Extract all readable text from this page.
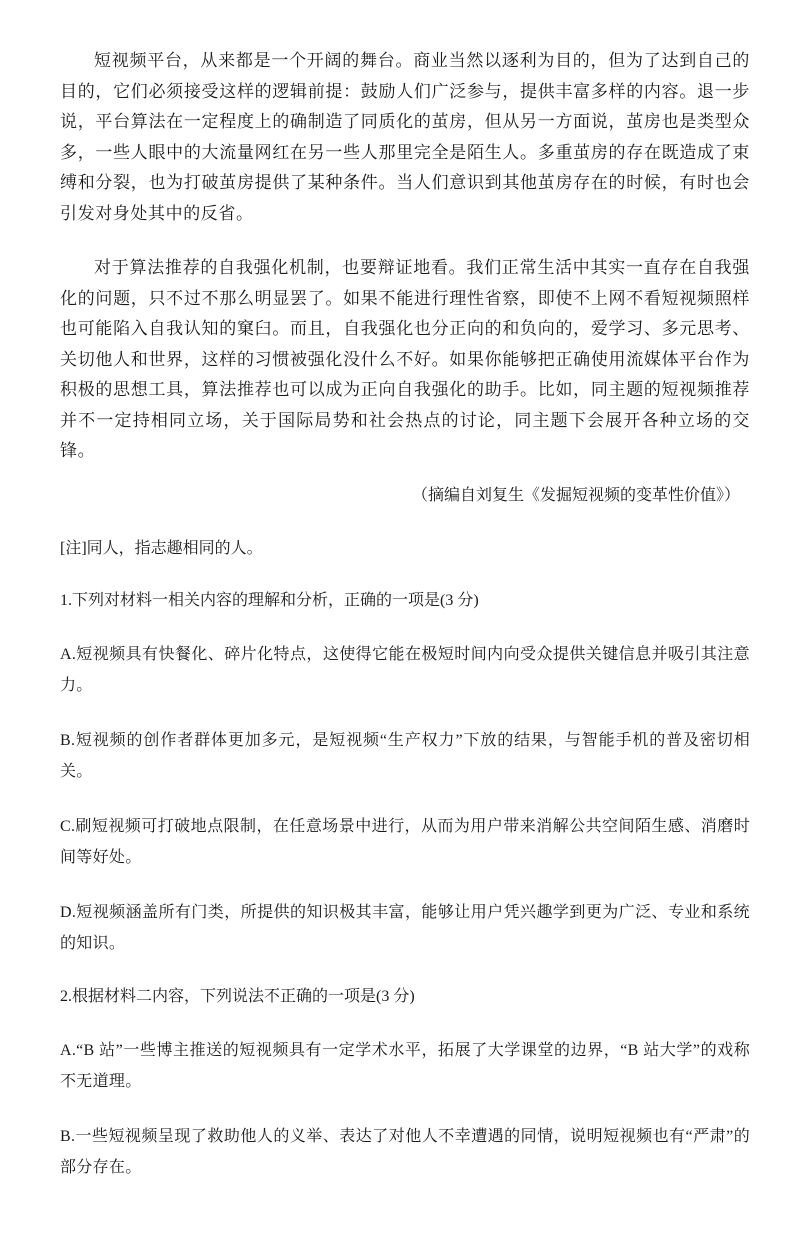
短视频平台，从来都是一个开阔的舞台。商业当然以逐利为目的，但为了达到自己的目的，它们必须接受这样的逻辑前提：鼓励人们广泛参与，提供丰富多样的内容。退一步说，平台算法在一定程度上的确制造了同质化的茧房，但从另一方面说，茧房也是类型众多，一些人眼中的大流量网红在另一些人那里完全是陌生人。多重茧房的存在既造成了束缚和分裂，也为打破茧房提供了某种条件。当人们意识到其他茧房存在的时候，有时也会引发对身处其中的反省。

对于算法推荐的自我强化机制，也要辩证地看。我们正常生活中其实一直存在自我强化的问题，只不过不那么明显罢了。如果不能进行理性省察，即使不上网不看短视频照样也可能陷入自我认知的窠臼。而且，自我强化也分正向的和负向的，爱学习、多元思考、关切他人和世界，这样的习惯被强化没什么不好。如果你能够把正确使用流媒体平台作为积极的思想工具，算法推荐也可以成为正向自我强化的助手。比如，同主题的短视频推荐并不一定持相同立场，关于国际局势和社会热点的讨论，同主题下会展开各种立场的交锋。

（摘编自刘复生《发掘短视频的变革性价值》）

[注]同人，指志趣相同的人。

1.下列对材料一相关内容的理解和分析，正确的一项是(3 分)

A.短视频具有快餐化、碎片化特点，这使得它能在极短时间内向受众提供关键信息并吸引其注意力。

B.短视频的创作者群体更加多元，是短视频“生产权力”下放的结果，与智能手机的普及密切相关。

C.刷短视频可打破地点限制，在任意场景中进行，从而为用户带来消解公共空间陌生感、消磨时间等好处。

D.短视频涵盖所有门类，所提供的知识极其丰富，能够让用户凭兴趣学到更为广泛、专业和系统的知识。

2.根据材料二内容，下列说法不正确的一项是(3 分)

A.“B 站”一些博主推送的短视频具有一定学术水平，拓展了大学课堂的边界，“B 站大学”的戏称不无道理。

B.一些短视频呈现了救助他人的义举、表达了对他人不幸遭遇的同情，说明短视频也有“严肃”的部分存在。
